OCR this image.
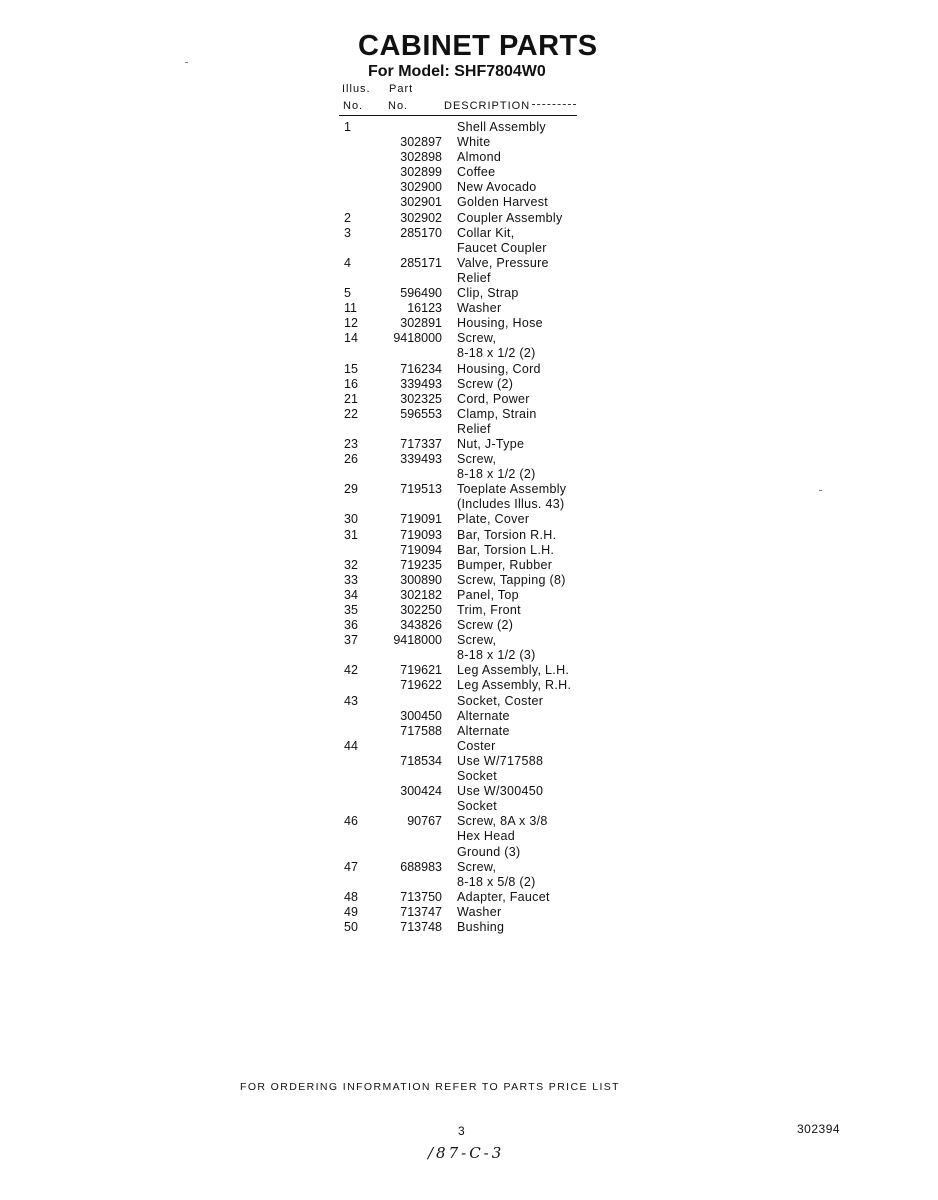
CABINET PARTS
For Model: SHF7804W0
Illus. Part
No. No.	DESCRIPTION
1	Shell Assembly
302897 White
302898 Almond
302899 Coffee
302900 New Avocado
302901 Golden Harvest
2	302902 Coupler Assembly
3	285170 Collar Kit,
Faucet Coupler
4	285171 Valve, Pressure
Relief
5	596490 Clip, Strap
11	16123 Washer
12	302891 Housing, Hose
14	9418000 Screw,
8-18 x 1/2 (2)
15	716234 Housing, Cord
16	339493 Screw (2)
21	302325 Cord, Power
22	596553 Clamp, Strain
Relief
23	717337 Nut, J-Type
26	339493 Screw,
8-18 x 1/2 (2)
29	719513 Toeplate Assembly
(Includes Illus. 43)
30	719091 Plate, Cover
31	719093 Bar, Torsion R.H.
719094 Bar, Torsion L.H.
32	719235 Bumper, Rubber
33	300890 Screw, Tapping (8)
34	302182 Panel, Top
35	302250 Trim, Front
36	343826 Screw (2)
37	9418000 Screw,
8-18 x 1/2 (3)
42	719621 Leg Assembly, L.H.
719622 Leg Assembly, R.H.
43	Socket, Coster
300450 Alternate
717588 Alternate
44	Coster
718534 Use W/717588
Socket
300424 Use W/300450
Socket
46	90767 Screw, 8A x 3/8
Hex Head
Ground (3)
47	688983 Screw,
8-18 x 5/8 (2)
48	713750 Adapter, Faucet
49	713747 Washer
50	713748 Bushing
FOR ORDERING INFORMATION REFER TO PARTS PRICE LIST
3	302394
/87-C-3
